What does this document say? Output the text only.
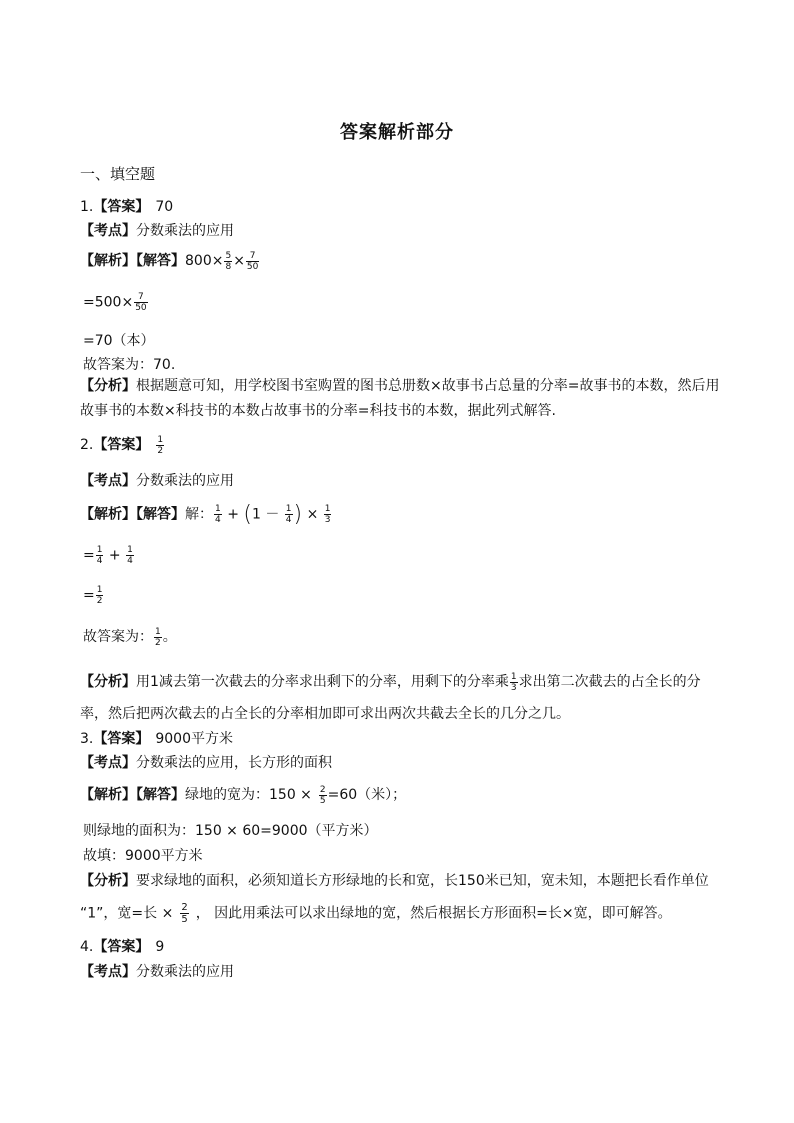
答案解析部分
一、填空题
1.【答案】 70
【考点】分数乘法的应用
【解析】【解答】$800\times \frac{5}{8} \times \frac{7}{50}$
$=500\times \frac{7}{50}$
=70（本）
故答案为：70.
【分析】根据题意可知，用学校图书室购置的图书总册数×故事书占总量的分率=故事书的本数，然后用故事书的本数×科技书的本数占故事书的分率=科技书的本数，据此列式解答.
2.【答案】 $\frac{1}{2}$
【考点】分数乘法的应用
【解析】【解答】解： $\frac{1}{4} + (1 - \frac{1}{4}$ ) × $\frac{1}{3}$
= $\frac{1}{4} + \frac{1}{4}$
= $\frac{1}{2}$
故答案为： $\frac{1}{2}$ 。
【分析】用1减去第一次截去的分率求出剩下的分率，用剩下的分率乘 $\frac{1}{3}$ 求出第二次截去的占全长的分率，然后把两次截去的占全长的分率相加即可求出两次共截去全长的几分之几。
3.【答案】 9000平方米
【考点】分数乘法的应用，长方形的面积
【解析】【解答】绿地的宽为：$150 \times \frac{2}{5} =60$（米）；
则绿地的面积为：150 × 60=9000（平方米）
故填：9000平方米
【分析】要求绿地的面积，必须知道长方形绿地的长和宽，长150米已知，宽未知，本题把长看作单位
“1”，宽=长 × $\frac{2}{5}$ ， 因此用乘法可以求出绿地的宽，然后根据长方形面积=长×宽，即可解答。
4.【答案】 9
【考点】分数乘法的应用
